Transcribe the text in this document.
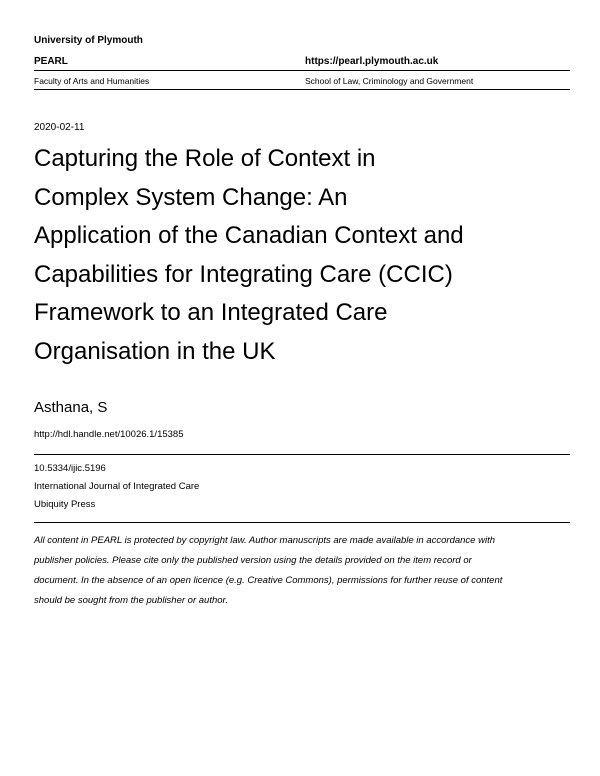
University of Plymouth
PEARL	https://pearl.plymouth.ac.uk
Faculty of Arts and Humanities	School of Law, Criminology and Government
2020-02-11
Capturing the Role of Context in
Complex System Change: An
Application of the Canadian Context and
Capabilities for Integrating Care (CCIC)
Framework to an Integrated Care
Organisation in the UK
Asthana, S
http://hdl.handle.net/10026.1/15385
10.5334/ijic.5196
International Journal of Integrated Care
Ubiquity Press
All content in PEARL is protected by copyright law. Author manuscripts are made available in accordance with
publisher policies. Please cite only the published version using the details provided on the item record or
document. In the absence of an open licence (e.g. Creative Commons), permissions for further reuse of content
should be sought from the publisher or author.
